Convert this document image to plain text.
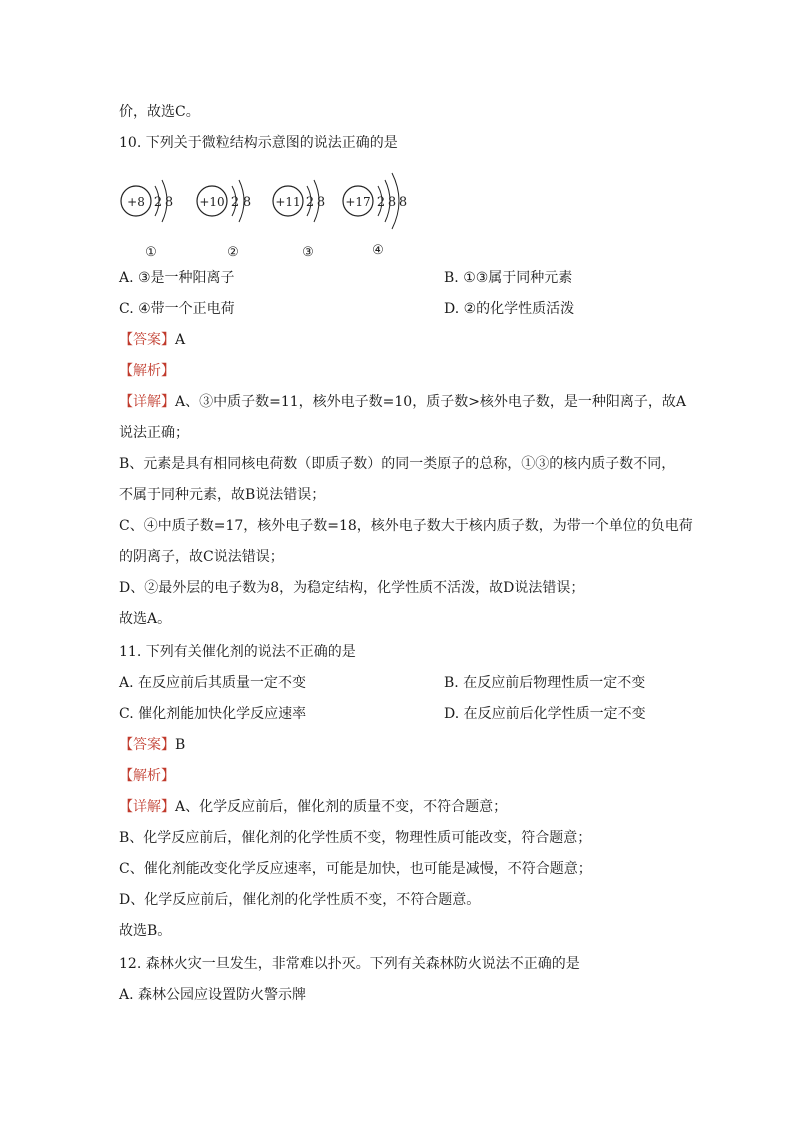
价，故选C。
10. 下列关于微粒结构示意图的说法正确的是
+8 2 8
①
+10 2 8
②
+11 2 8
③
+17 2 8 8
④
A. ③是一种阳离子	B. ①③属于同种元素
C. ④带一个正电荷	D. ②的化学性质活泼
【答案】A
【解析】
【详解】A、③中质子数=11，核外电子数=10，质子数>核外电子数，是一种阳离子，故A
说法正确；
B、元素是具有相同核电荷数（即质子数）的同一类原子的总称，①③的核内质子数不同，
不属于同种元素，故B说法错误；
C、④中质子数=17，核外电子数=18，核外电子数大于核内质子数，为带一个单位的负电荷
的阴离子，故C说法错误；
D、②最外层的电子数为8，为稳定结构，化学性质不活泼，故D说法错误；
故选A。
11. 下列有关催化剂的说法不正确的是
A. 在反应前后其质量一定不变	B. 在反应前后物理性质一定不变
C. 催化剂能加快化学反应速率	D. 在反应前后化学性质一定不变
【答案】B
【解析】
【详解】A、化学反应前后，催化剂的质量不变，不符合题意；
B、化学反应前后，催化剂的化学性质不变，物理性质可能改变，符合题意；
C、催化剂能改变化学反应速率，可能是加快，也可能是减慢，不符合题意；
D、化学反应前后，催化剂的化学性质不变，不符合题意。
故选B。
12. 森林火灾一旦发生，非常难以扑灭。下列有关森林防火说法不正确的是
A. 森林公园应设置防火警示牌
